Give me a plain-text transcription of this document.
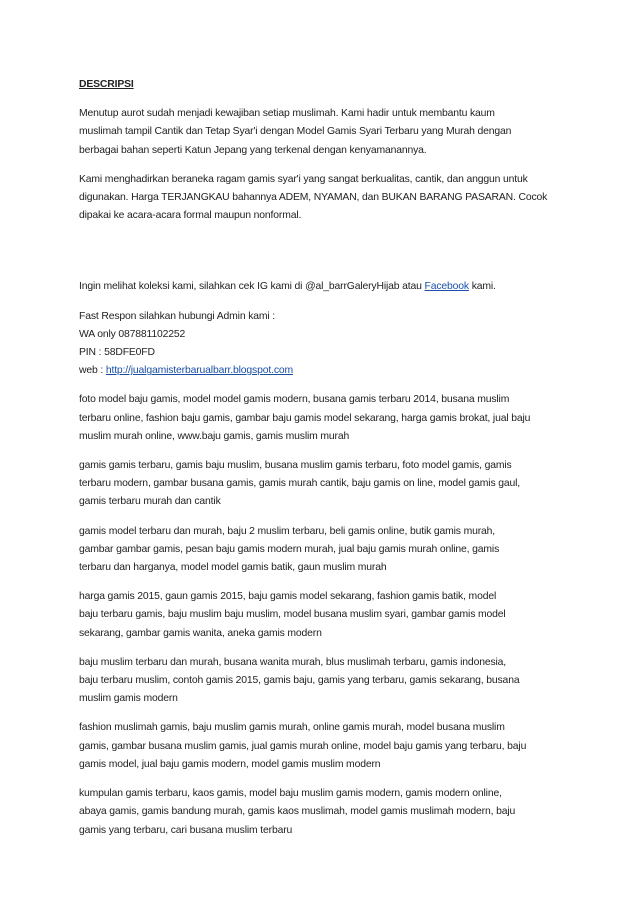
DESCRIPSI
Menutup aurot sudah menjadi kewajiban setiap muslimah. Kami hadir untuk membantu kaum
muslimah tampil Cantik dan Tetap Syar'i dengan Model Gamis Syari Terbaru yang Murah dengan
berbagai bahan seperti Katun Jepang yang terkenal dengan kenyamanannya.
Kami menghadirkan beraneka ragam gamis syar'i yang sangat berkualitas, cantik, dan anggun untuk
digunakan. Harga TERJANGKAU bahannya ADEM, NYAMAN, dan BUKAN BARANG PASARAN. Cocok
dipakai ke acara-acara formal maupun nonformal.
Ingin melihat koleksi kami, silahkan cek IG kami di @al_barrGaleryHijab atau Facebook kami.
Fast Respon silahkan hubungi Admin kami :
WA only 087881102252
PIN : 58DFE0FD
web : http://jualgamisterbarualbarr.blogspot.com
foto model baju gamis, model model gamis modern, busana gamis terbaru 2014, busana muslim
terbaru online, fashion baju gamis, gambar baju gamis model sekarang, harga gamis brokat, jual baju
muslim murah online, www.baju gamis, gamis muslim murah
gamis gamis terbaru, gamis baju muslim, busana muslim gamis terbaru, foto model gamis, gamis
terbaru modern, gambar busana gamis, gamis murah cantik, baju gamis on line, model gamis gaul,
gamis terbaru murah dan cantik
gamis model terbaru dan murah, baju 2 muslim terbaru, beli gamis online, butik gamis murah,
gambar gambar gamis, pesan baju gamis modern murah, jual baju gamis murah online, gamis
terbaru dan harganya, model model gamis batik, gaun muslim murah
harga gamis 2015, gaun gamis 2015, baju gamis model sekarang, fashion gamis batik, model
baju terbaru gamis, baju muslim baju muslim, model busana muslim syari, gambar gamis model
sekarang, gambar gamis wanita, aneka gamis modern
baju muslim terbaru dan murah, busana wanita murah, blus muslimah terbaru, gamis indonesia,
baju terbaru muslim, contoh gamis 2015, gamis baju, gamis yang terbaru, gamis sekarang, busana
muslim gamis modern
fashion muslimah gamis, baju muslim gamis murah, online gamis murah, model busana muslim
gamis, gambar busana muslim gamis, jual gamis murah online, model baju gamis yang terbaru, baju
gamis model, jual baju gamis modern, model gamis muslim modern
kumpulan gamis terbaru, kaos gamis, model baju muslim gamis modern, gamis modern online,
abaya gamis, gamis bandung murah, gamis kaos muslimah, model gamis muslimah modern, baju
gamis yang terbaru, cari busana muslim terbaru
